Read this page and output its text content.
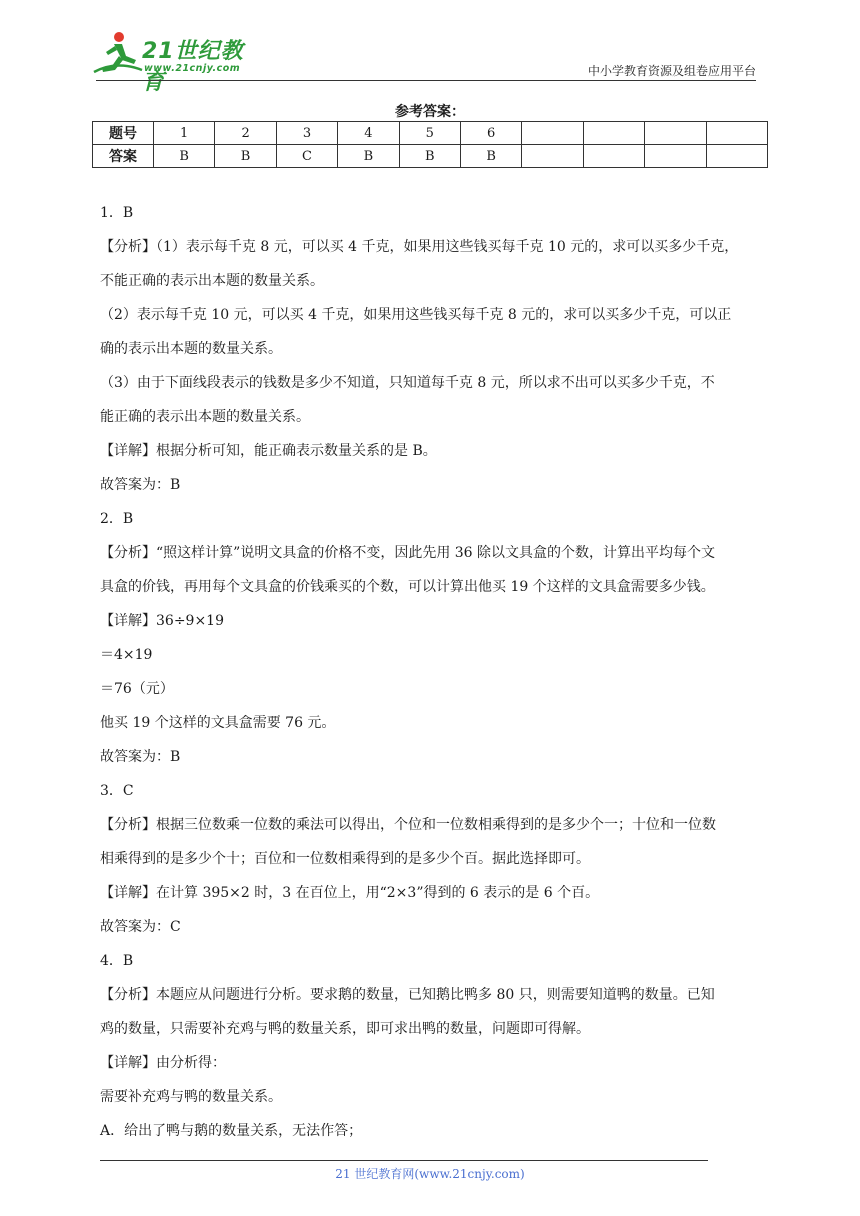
21世纪教育
www.21cnjy.com	中小学教育资源及组卷应用平台
参考答案：
题号	1	2	3	4	5	6				
答案	B	B	C	B	B	B				

1．B

【分析】（1）表示每千克 8 元，可以买 4 千克，如果用这些钱买每千克 10 元的，求可以买多少千克，

不能正确的表示出本题的数量关系。

（2）表示每千克 10 元，可以买 4 千克，如果用这些钱买每千克 8 元的，求可以买多少千克，可以正

确的表示出本题的数量关系。

（3）由于下面线段表示的钱数是多少不知道，只知道每千克 8 元，所以求不出可以买多少千克，不

能正确的表示出本题的数量关系。

【详解】根据分析可知，能正确表示数量关系的是 B。

故答案为：B

2．B

【分析】“照这样计算”说明文具盒的价格不变，因此先用 36 除以文具盒的个数，计算出平均每个文

具盒的价钱，再用每个文具盒的价钱乘买的个数，可以计算出他买 19 个这样的文具盒需要多少钱。

【详解】36÷9×19

＝4×19

＝76（元）

他买 19 个这样的文具盒需要 76 元。

故答案为：B

3．C

【分析】根据三位数乘一位数的乘法可以得出，个位和一位数相乘得到的是多少个一；十位和一位数

相乘得到的是多少个十；百位和一位数相乘得到的是多少个百。据此选择即可。

【详解】在计算 395×2 时，3 在百位上，用“2×3”得到的 6 表示的是 6 个百。

故答案为：C

4．B

【分析】本题应从问题进行分析。要求鹅的数量，已知鹅比鸭多 80 只，则需要知道鸭的数量。已知

鸡的数量，只需要补充鸡与鸭的数量关系，即可求出鸭的数量，问题即可得解。

【详解】由分析得：

需要补充鸡与鸭的数量关系。

A．给出了鸭与鹅的数量关系，无法作答；

21 世纪教育网(www.21cnjy.com)
